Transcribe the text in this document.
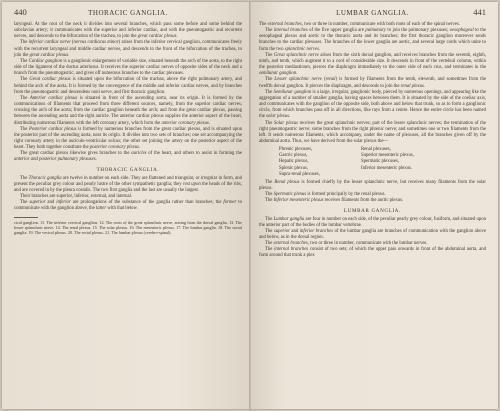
440	THORACIC GANGLIA.

laryngeal. At the root of the neck it divides into several branches, which pass some before and some behind the subclavian artery; it communicates with the superior and inferior cardiac, and with the pneumogastric and recurrent nerves, and descends to the bifurcation of the trachea, to join the great cardiac plexus.

The inferior cardiac nerve (nervus cardiacus minor) arises from the inferior cervical ganglion, communicates freely with the recurrent laryngeal and middle cardiac nerves, and descends to the front of the bifurcation of the trachea, to join the great cardiac plexus.

The Cardiac ganglion is a ganglionic enlargement of variable size, situated beneath the arch of the aorta, to the right side of the ligament of the ductus arteriosus. It receives the superior cardiac nerves of opposite sides of the neck and a branch from the pneumogastric, and gives off numerous branches to the cardiac plexuses.

The Great cardiac plexus is situated upon the bifurcation of the trachea, above the right pulmonary artery, and behind the arch of the aorta. It is formed by the convergence of the middle and inferior cardiac nerves, and by branches from the pneumogastric and descendens noni nerve, and first thoracic ganglion.

The Anterior cardiac plexus is situated in front of the ascending aorta, near its origin. It is formed by the communications of filaments that proceed from three different sources, namely, from the superior cardiac nerves, crossing the arch of the aorta; from the cardiac ganglion beneath the arch; and from the great cardiac plexus, passing between the ascending aorta and the right auricle. The anterior cardiac plexus supplies the anterior aspect of the heart, distributing numerous filaments with the left coronary artery, which form the anterior coronary plexus.

The Posterior cardiac plexus is formed by numerous branches from the great cardiac plexus, and is situated upon the posterior part of the ascending aorta, near its origin. It divides into two sets of branches; one set accompanying the right coronary artery in the auriculo-ventricular sulcus; the other set joining the artery on the posterior aspect of the heart. They both together constitute the posterior coronary plexus.

The great cardiac plexus likewise gives branches to the auricles of the heart, and others to assist in forming the anterior and posterior pulmonary plexuses.

THORACIC GANGLIA.

The Thoracic ganglia are twelve in number on each side. They are flattened and triangular, or irregular in form, and present the peculiar grey colour and pearly lustre of the other sympathetic ganglia; they rest upon the heads of the ribs, and are covered in by the pleura costalis. The two first ganglia and the last are usually the largest.

Their branches are superior, inferior, external, and internal.

The superior and inferior are prolongations of the substance of the ganglia rather than branches; the former to communicate with the ganglion above, the latter with that below.

cical ganglion. 11. The inferior cervical ganglion. 12. The roots of the great splanchnic nerve, arising from the dorsal ganglia. 13. The lesser splanchnic nerve. 14. The renal plexus. 15. The solar plexus. 16. The mesenteric plexus. 17. The lumbar ganglia. 18. The sacral ganglia. 19. The vesical plexus. 20. The rectal plexus. 21. The lumbar plexus (cerebro-spinal).

LUMBAR GANGLIA.	441

The external branches, two or three in number, communicate with both roots of each of the spinal nerves.

The internal branches of the five upper ganglia are pulmonary to join the pulmonary plexuses; oesophageal to the oesophageal plexus and aortic to the thoracic aorta and its branches; the first thoracic ganglion moreover sends branches to the cardiac plexuses. The branches of the lower ganglia are aortic, and several large cords which unite to form the two splanchnic nerves.

The Great splanchnic nerve arises from the sixth dorsal ganglion, and receives branches from the seventh, eighth, ninth, and tenth, which augment it to a cord of considerable size. It descends in front of the vertebral column, within the posterior mediastinum, pierces the diaphragm immediately to the outer side of each crus, and terminates in the semilunar ganglion.

The Lesser splanchnic nerve (renal) is formed by filaments from the tenth, eleventh, and sometimes from the twelfth dorsal ganglion. It pierces the diaphragm, and descends to join the renal plexus.

The Semilunar ganglion is a large, irregular, ganglionic body, pierced by numerous openings, and appearing like the aggregation of a number of smaller ganglia, having spaces between them. It is situated by the side of the coeliac axis, and communicates with the ganglion of the opposite side, both above and below that trunk, so as to form a ganglionic circle, from which branches pass off in all directions, like rays from a centre. Hence the entire circle has been named the solar plexus.

The Solar plexus receives the great splanchnic nerves; part of the lesser splanchnic nerves; the termination of the right pneumogastric nerve; some branches from the right phrenic nerve; and sometimes one or two filaments from the left. It sends numerous filaments, which accompany, under the name of plexuses, all the branches given off by the abdominal aorta. Thus, we have derived from the solar plexus the—

Phrenic plexuses,	Renal plexuses,
Gastric plexus,	Superior mesenteric plexus,
Hepatic plexus,	Spermatic plexuses,
Splenic plexus,	Inferior mesenteric plexus.
Supra-renal plexuses,

The Renal plexus is formed chiefly by the lesser splanchnic nerve, but receives many filaments from the solar plexus.

The Spermatic plexus is formed principally by the renal plexus.

The Inferior mesenteric plexus receives filaments from the aortic plexus.

LUMBAR GANGLIA.

The Lumbar ganglia are four in number on each side, of the peculiar pearly grey colour, fusiform, and situated upon the anterior part of the bodies of the lumbar vertebrae.

The superior and inferior branches of the lumbar ganglia are branches of communication with the ganglion above and below, as in the dorsal region.

The external branches, two or three in number, communicate with the lumbar nerves.

The internal branches consist of two sets; of which the upper pass onwards in front of the abdominal aorta, and form around that trunk a plex
